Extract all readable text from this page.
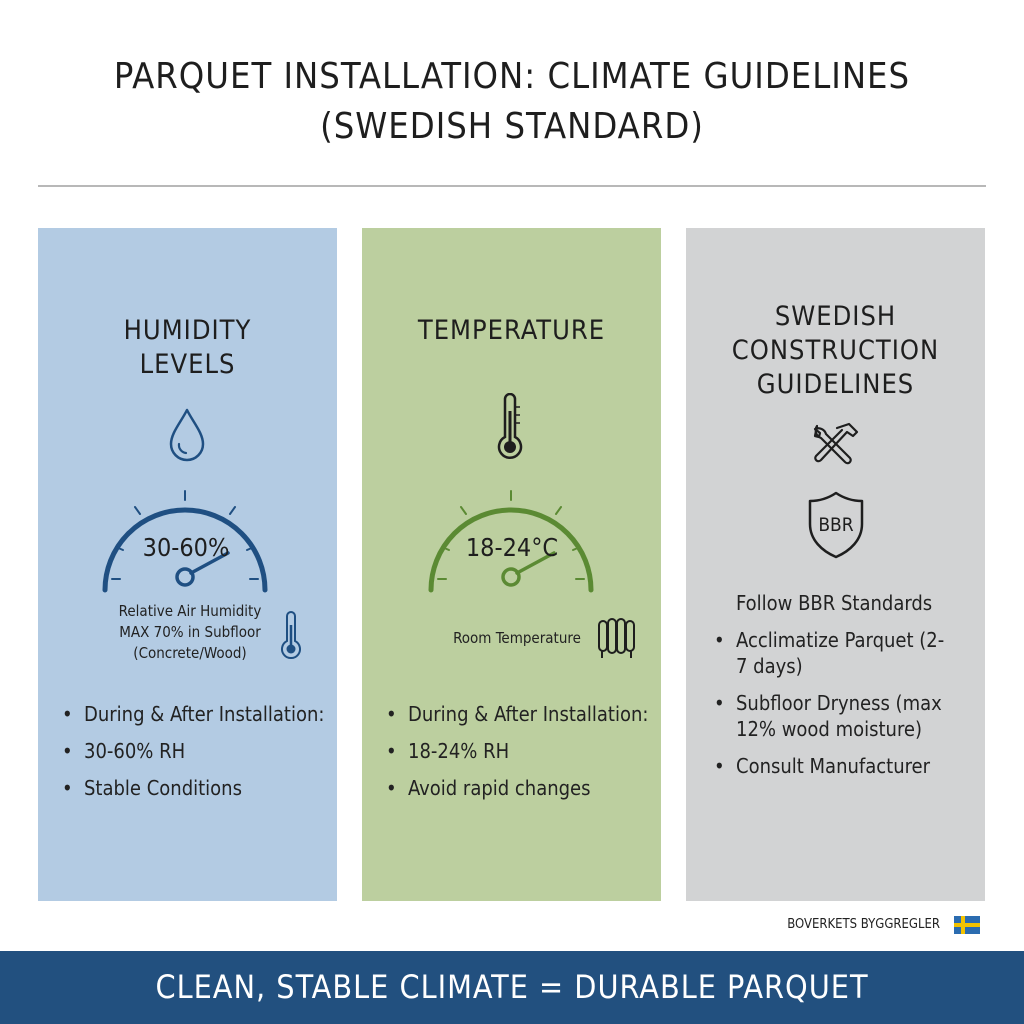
PARQUET INSTALLATION: CLIMATE GUIDELINES
(SWEDISH STANDARD)
HUMIDITY
LEVELS
30-60%
Relative Air Humidity
MAX 70% in Subfloor
(Concrete/Wood)
• During & After Installation:
• 30-60% RH
• Stable Conditions
TEMPERATURE
18-24°C
Room Temperature
• During & After Installation:
• 18-24% RH
• Avoid rapid changes
SWEDISH
CONSTRUCTION
GUIDELINES
BBR
Follow BBR Standards
• Acclimatize Parquet (2-7 days)
• Subfloor Dryness (max 12% wood moisture)
• Consult Manufacturer
BOVERKETS BYGGREGLER
CLEAN, STABLE CLIMATE = DURABLE PARQUET
